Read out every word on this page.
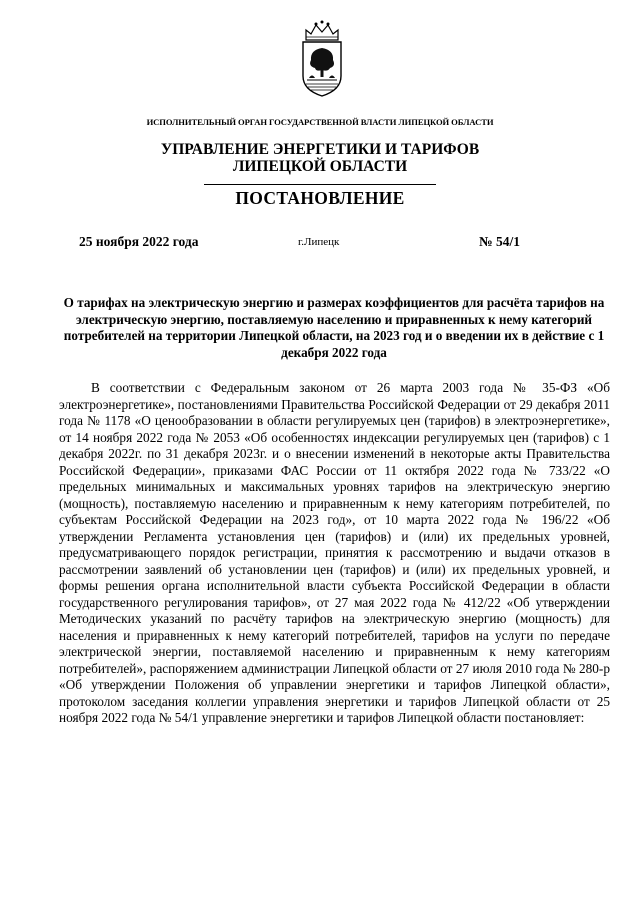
ИСПОЛНИТЕЛЬНЫЙ ОРГАН ГОСУДАРСТВЕННОЙ ВЛАСТИ ЛИПЕЦКОЙ ОБЛАСТИ
УПРАВЛЕНИЕ ЭНЕРГЕТИКИ И ТАРИФОВ
ЛИПЕЦКОЙ ОБЛАСТИ
ПОСТАНОВЛЕНИЕ
25 ноября 2022 года	г.Липецк	№ 54/1
О тарифах на электрическую энергию и размерах коэффициентов для расчёта тарифов на электрическую энергию, поставляемую населению и приравненных к нему категорий потребителей на территории Липецкой области, на 2023 год и о введении их в действие с 1 декабря 2022 года
В соответствии с Федеральным законом от 26 марта 2003 года № 35-ФЗ «Об электроэнергетике», постановлениями Правительства Российской Федерации от 29 декабря 2011 года № 1178 «О ценообразовании в области регулируемых цен (тарифов) в электроэнергетике», от 14 ноября 2022 года № 2053 «Об особенностях индексации регулируемых цен (тарифов) с 1 декабря 2022г. по 31 декабря 2023г. и о внесении изменений в некоторые акты Правительства Российской Федерации», приказами ФАС России от 11 октября 2022 года № 733/22 «О предельных минимальных и максимальных уровнях тарифов на электрическую энергию (мощность), поставляемую населению и приравненным к нему категориям потребителей, по субъектам Российской Федерации на 2023 год», от 10 марта 2022 года № 196/22 «Об утверждении Регламента установления цен (тарифов) и (или) их предельных уровней, предусматривающего порядок регистрации, принятия к рассмотрению и выдачи отказов в рассмотрении заявлений об установлении цен (тарифов) и (или) их предельных уровней, и формы решения органа исполнительной власти субъекта Российской Федерации в области государственного регулирования тарифов», от 27 мая 2022 года № 412/22 «Об утверждении Методических указаний по расчёту тарифов на электрическую энергию (мощность) для населения и приравненных к нему категорий потребителей, тарифов на услуги по передаче электрической энергии, поставляемой населению и приравненным к нему категориям потребителей», распоряжением администрации Липецкой области от 27 июля 2010 года № 280-р «Об утверждении Положения об управлении энергетики и тарифов Липецкой области», протоколом заседания коллегии управления энергетики и тарифов Липецкой области от 25 ноября 2022 года № 54/1 управление энергетики и тарифов Липецкой области постановляет:
